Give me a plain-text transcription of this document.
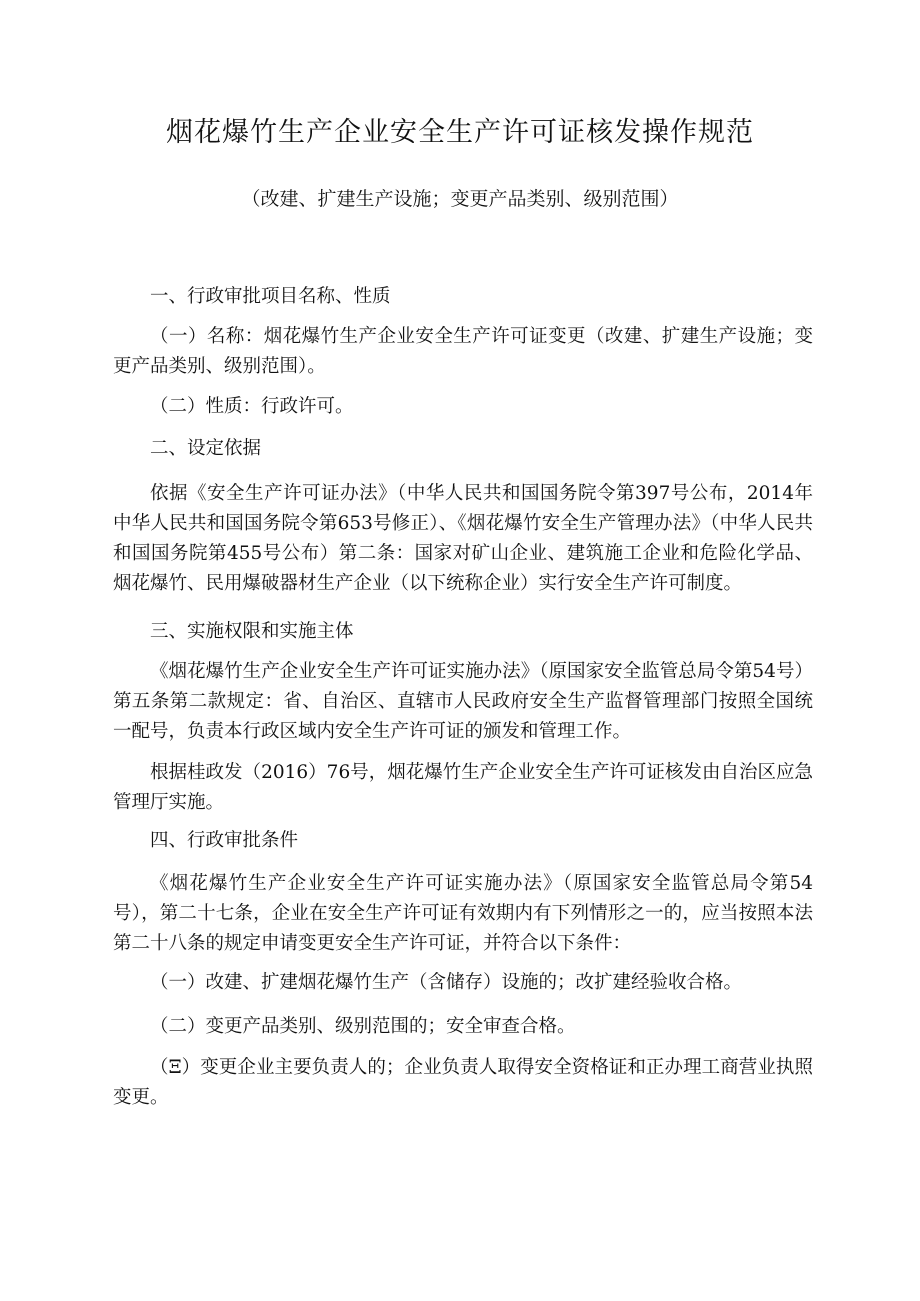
烟花爆竹生产企业安全生产许可证核发操作规范
（改建、扩建生产设施；变更产品类别、级别范围）

一、行政审批项目名称、性质

（一）名称：烟花爆竹生产企业安全生产许可证变更（改建、扩建生产设施；变更产品类别、级别范围）。

（二）性质：行政许可。

二、设定依据

依据《安全生产许可证办法》（中华人民共和国国务院令第397号公布，2014年中华人民共和国国务院令第653号修正）、《烟花爆竹安全生产管理办法》（中华人民共和国国务院第455号公布）第二条：国家对矿山企业、建筑施工企业和危险化学品、烟花爆竹、民用爆破器材生产企业（以下统称企业）实行安全生产许可制度。

三、实施权限和实施主体

《烟花爆竹生产企业安全生产许可证实施办法》（原国家安全监管总局令第54号）第五条第二款规定：省、自治区、直辖市人民政府安全生产监督管理部门按照全国统一配号，负责本行政区域内安全生产许可证的颁发和管理工作。

根据桂政发（2016）76号，烟花爆竹生产企业安全生产许可证核发由自治区应急管理厅实施。

四、行政审批条件

《烟花爆竹生产企业安全生产许可证实施办法》（原国家安全监管总局令第54号），第二十七条，企业在安全生产许可证有效期内有下列情形之一的，应当按照本法第二十八条的规定申请变更安全生产许可证，并符合以下条件：

（一）改建、扩建烟花爆竹生产（含储存）设施的；改扩建经验收合格。

（二）变更产品类别、级别范围的；安全审查合格。

（Ξ）变更企业主要负责人的；企业负责人取得安全资格证和正办理工商营业执照变更。
